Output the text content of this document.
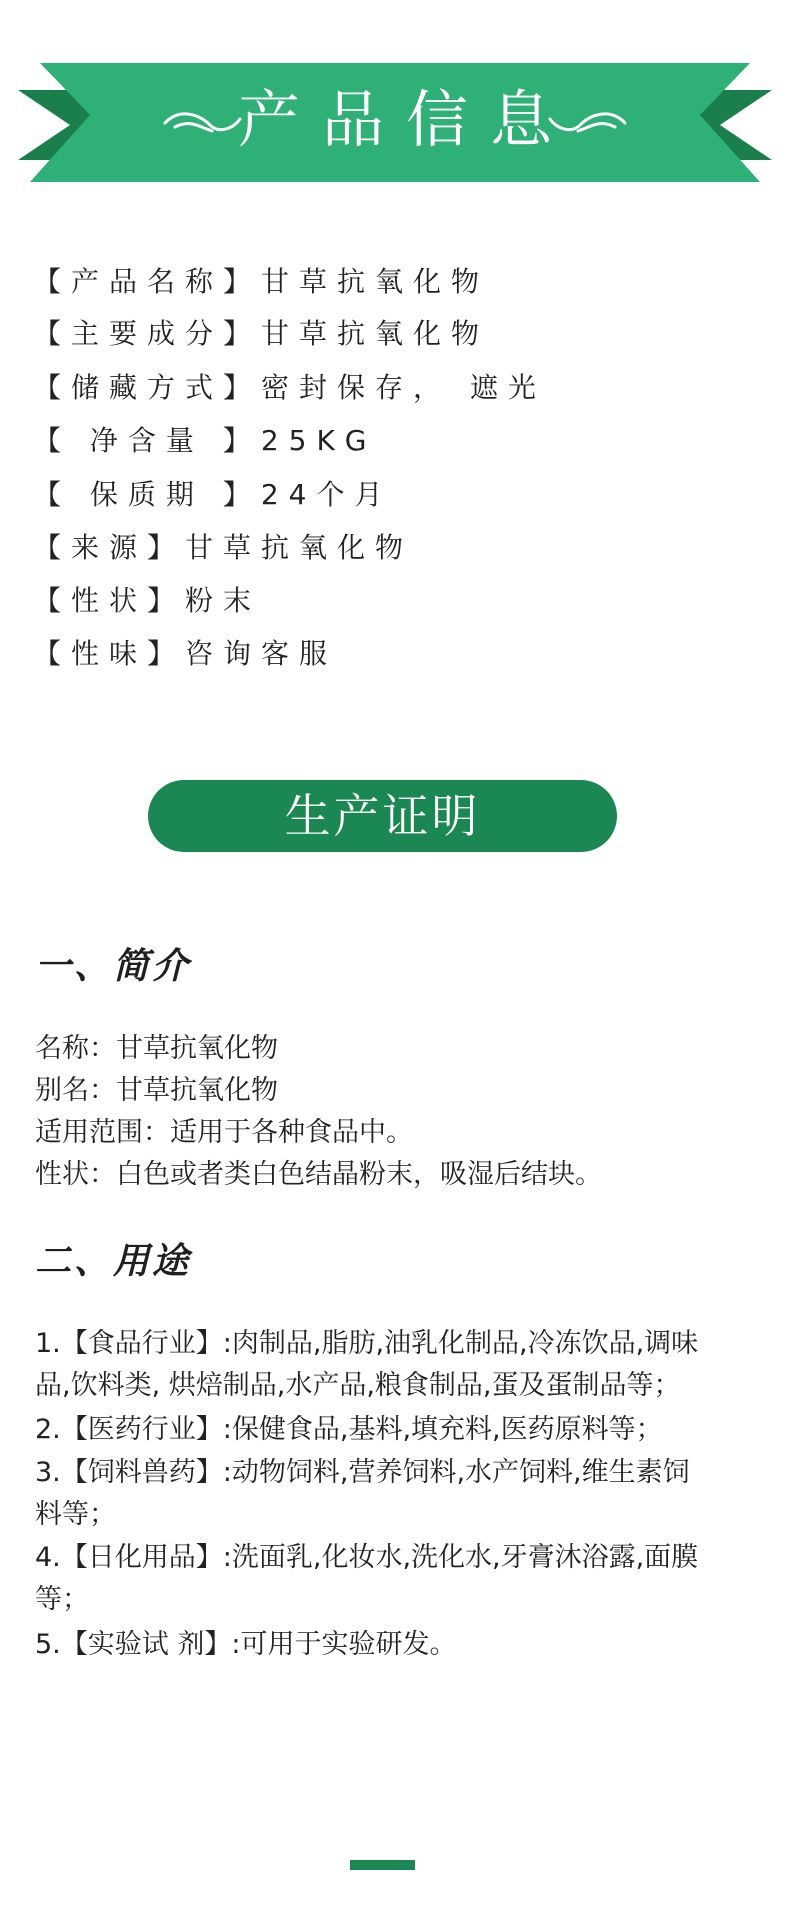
产品信息
【产品名称】甘草抗氧化物
【主要成分】甘草抗氧化物
【储藏方式】密封保存， 遮光
【 净含量 】25KG
【 保质期 】24个月
【来源】甘草抗氧化物
【性状】粉末
【性味】咨询客服
生产证明
一、简介
名称：甘草抗氧化物
别名：甘草抗氧化物
适用范围：适用于各种食品中。
性状：白色或者类白色结晶粉末，吸湿后结块。
二、用途
1.【食品行业】:肉制品,脂肪,油乳化制品,冷冻饮品,调味
品,饮料类, 烘焙制品,水产品,粮食制品,蛋及蛋制品等；
2.【医药行业】:保健食品,基料,填充料,医药原料等；
3.【饲料兽药】:动物饲料,营养饲料,水产饲料,维生素饲
料等；
4.【日化用品】:洗面乳,化妆水,洗化水,牙膏沐浴露,面膜
等；
5.【实验试 剂】:可用于实验研发。
